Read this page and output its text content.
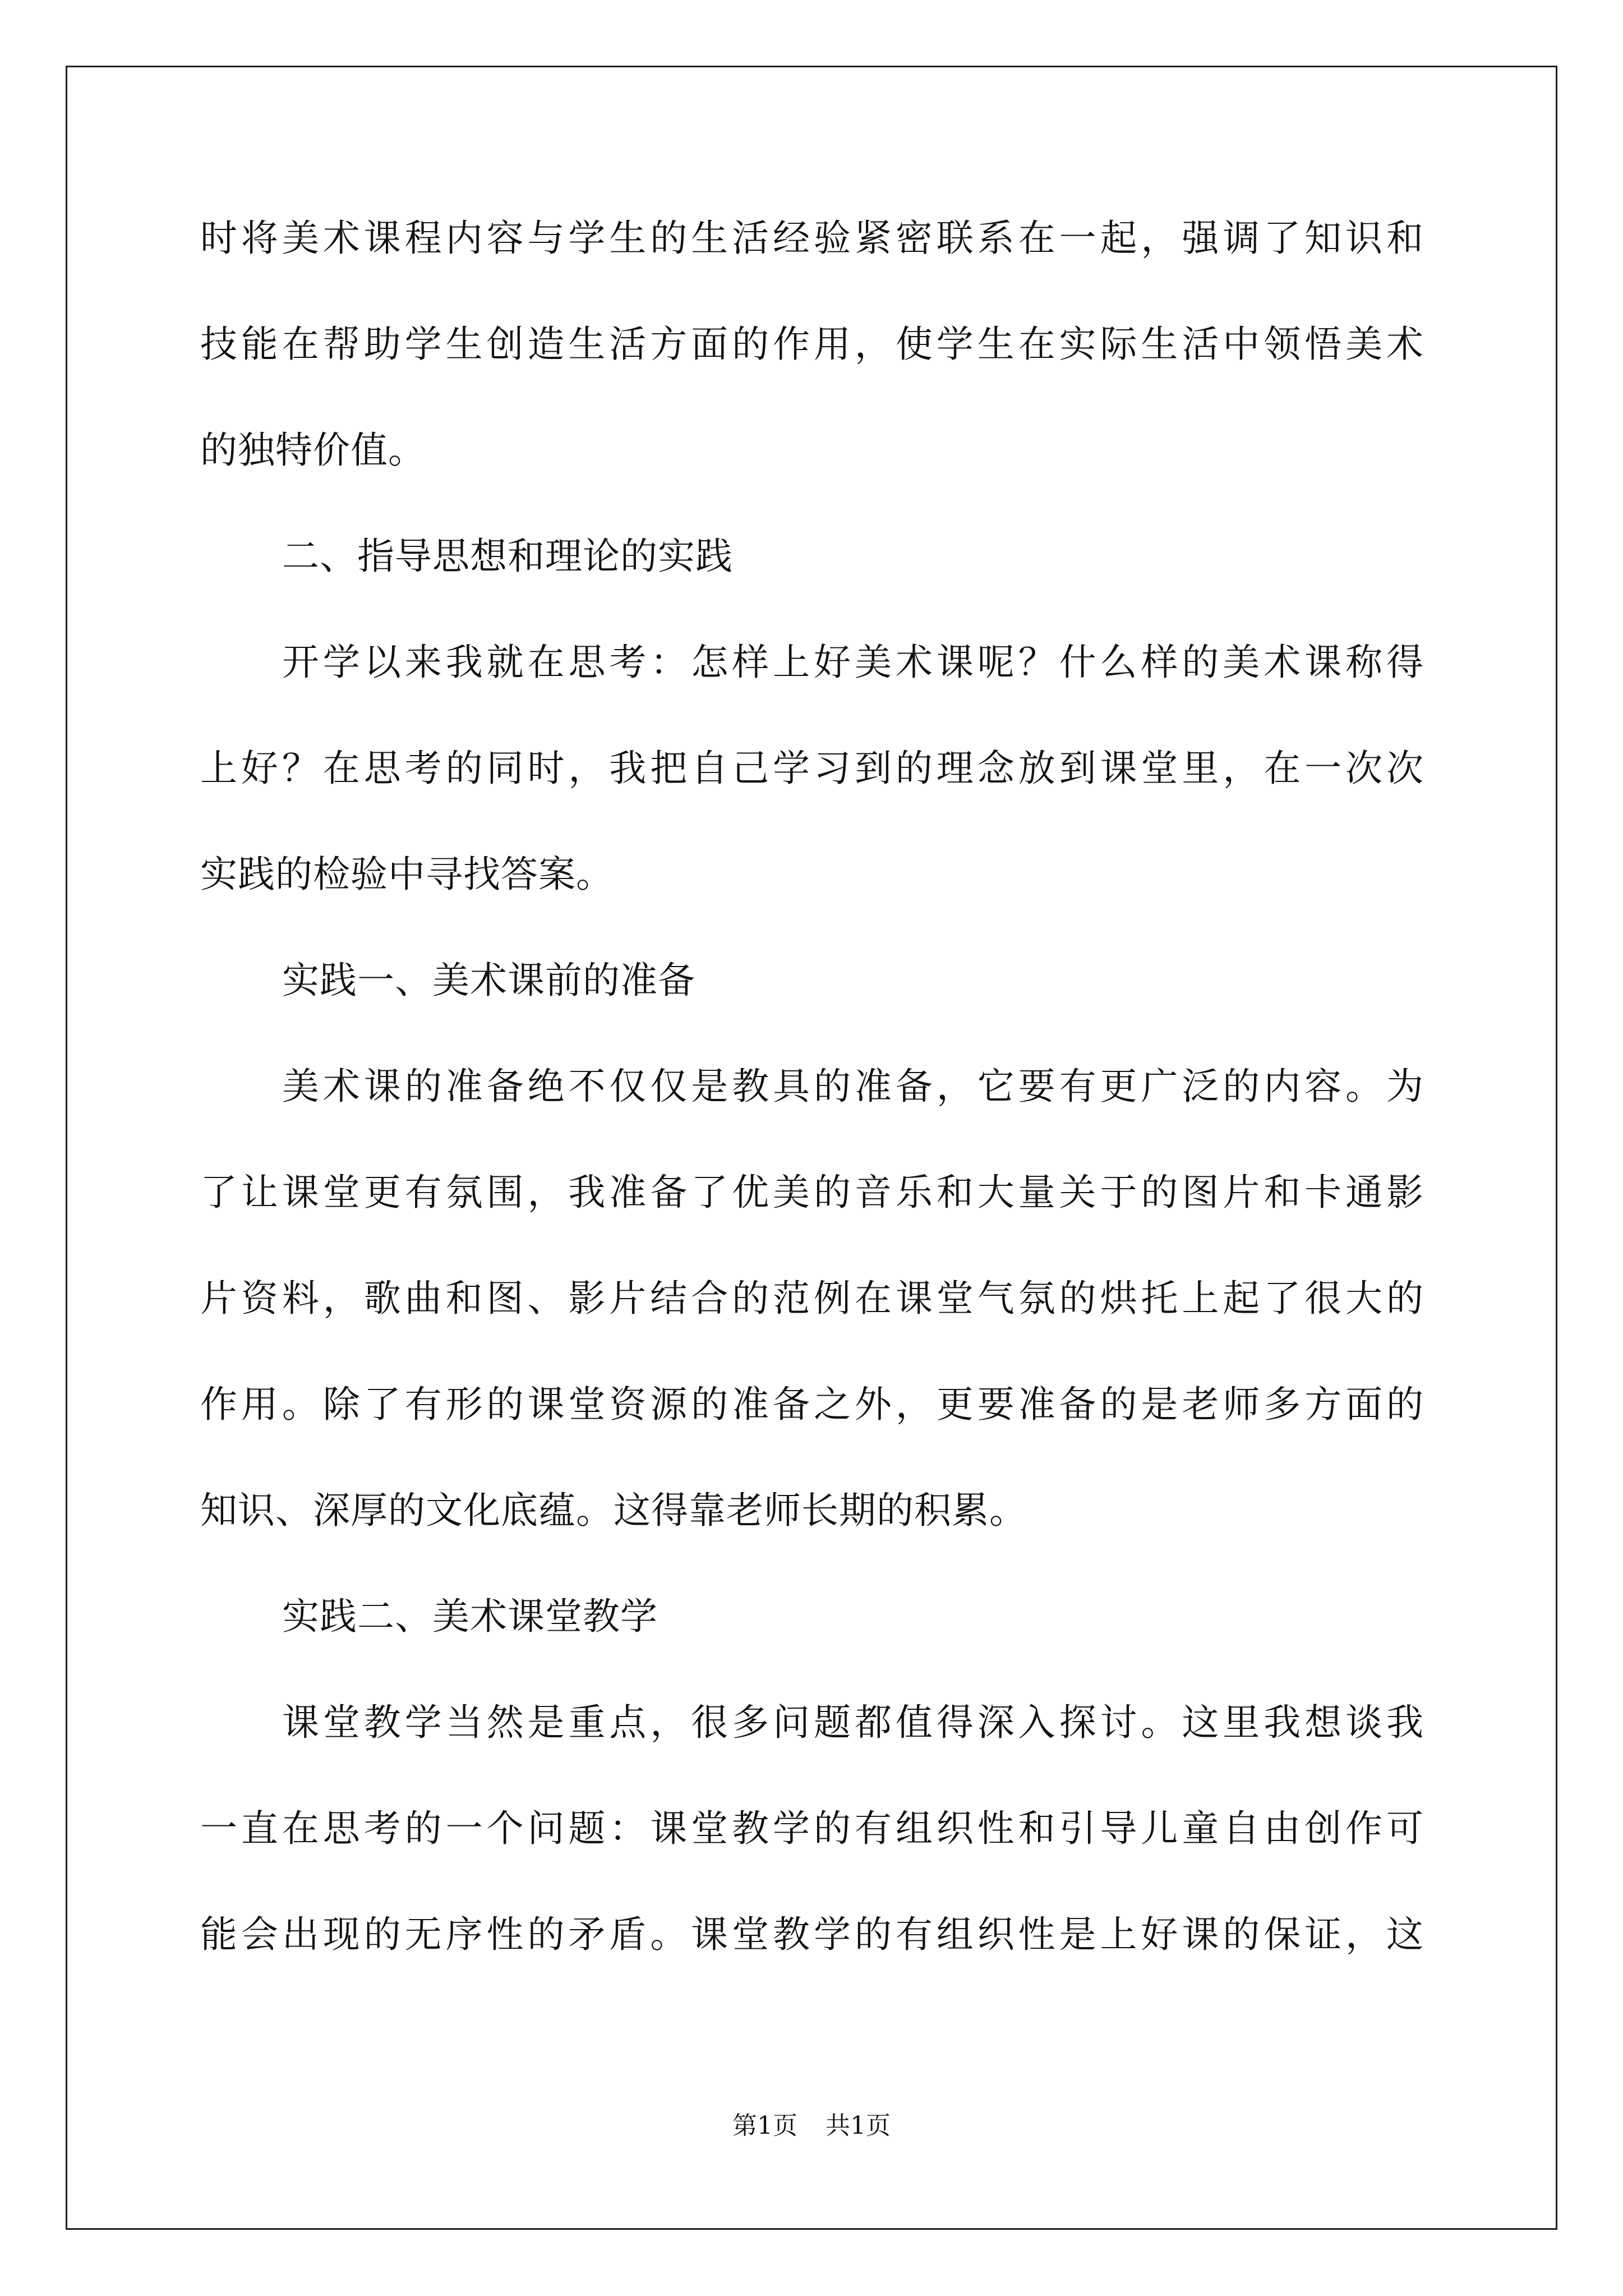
时将美术课程内容与学生的生活经验紧密联系在一起，强调了知识和
技能在帮助学生创造生活方面的作用，使学生在实际生活中领悟美术
的独特价值。
二、指导思想和理论的实践
开学以来我就在思考：怎样上好美术课呢？什么样的美术课称得
上好？在思考的同时，我把自己学习到的理念放到课堂里，在一次次
实践的检验中寻找答案。
实践一、美术课前的准备
美术课的准备绝不仅仅是教具的准备，它要有更广泛的内容。为
了让课堂更有氛围，我准备了优美的音乐和大量关于的图片和卡通影
片资料，歌曲和图、影片结合的范例在课堂气氛的烘托上起了很大的
作用。除了有形的课堂资源的准备之外，更要准备的是老师多方面的
知识、深厚的文化底蕴。这得靠老师长期的积累。
实践二、美术课堂教学
课堂教学当然是重点，很多问题都值得深入探讨。这里我想谈我
一直在思考的一个问题：课堂教学的有组织性和引导儿童自由创作可
能会出现的无序性的矛盾。课堂教学的有组织性是上好课的保证，这
第1页 共1页
